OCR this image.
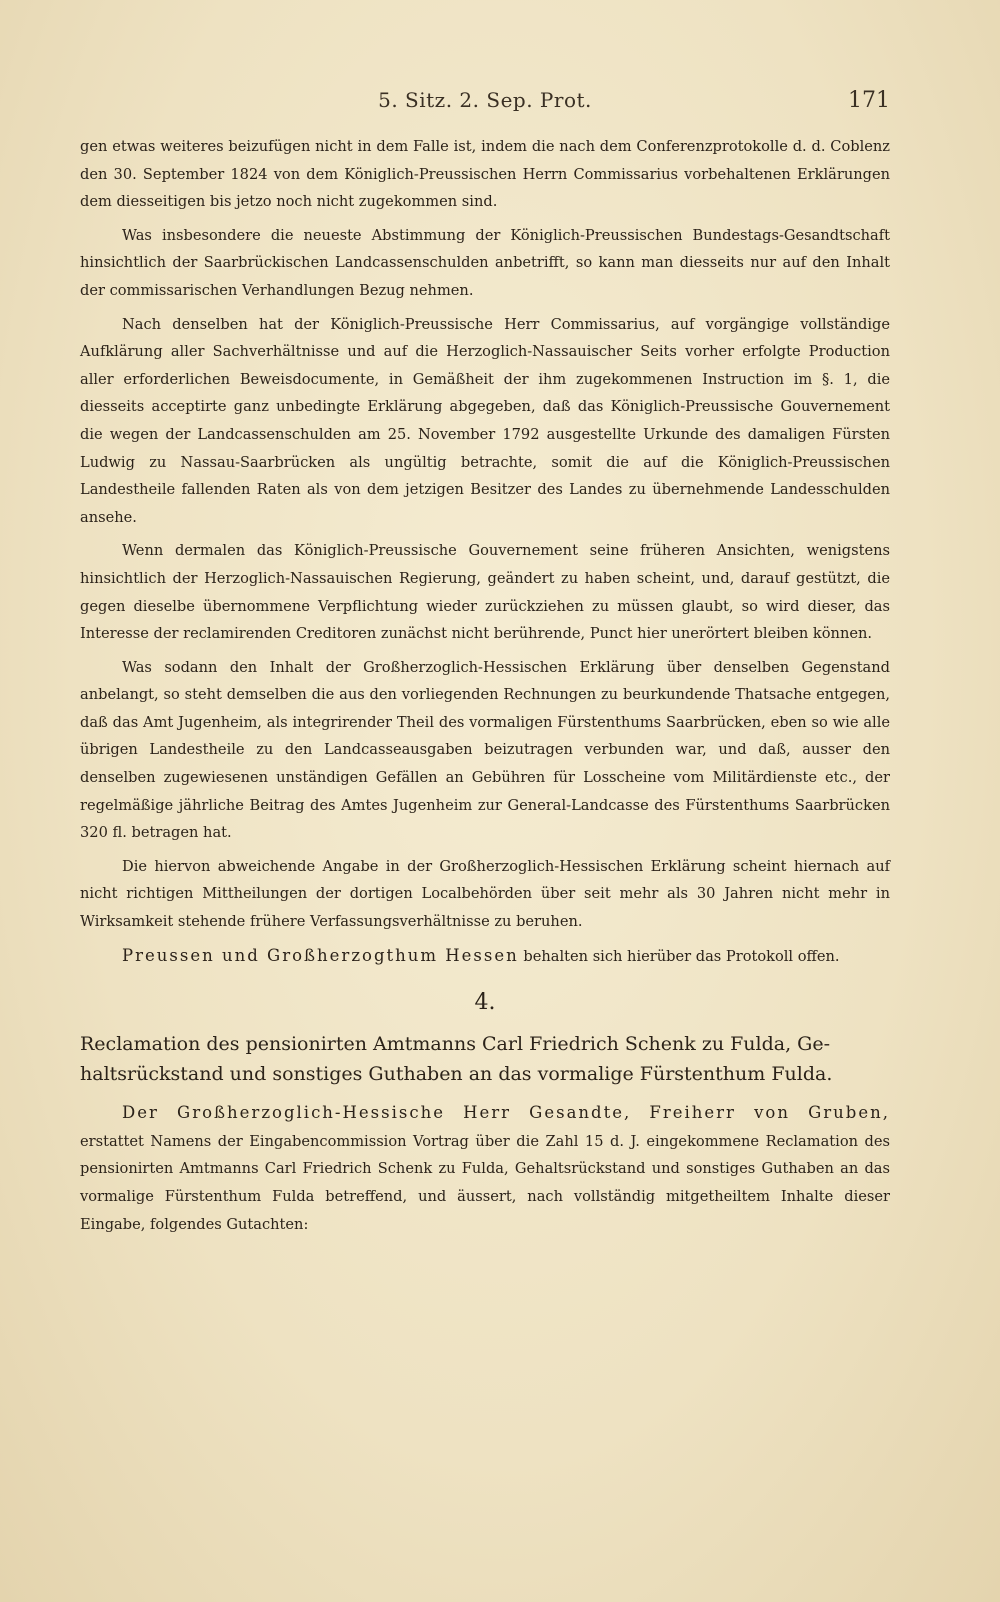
5. Sitz. 2. Sep. Prot.	171

gen etwas weiteres beizufügen nicht in dem Falle ist, indem die nach dem Conferenzprotokolle d. d. Coblenz den 30. September 1824 von dem Königlich-Preussischen Herrn Commissarius vorbehaltenen Erklärungen dem diesseitigen bis jetzo noch nicht zugekommen sind.

Was insbesondere die neueste Abstimmung der Königlich-Preussischen Bundestags-Gesandtschaft hinsichtlich der Saarbrückischen Landcassenschulden anbetrifft, so kann man diesseits nur auf den Inhalt der commissarischen Verhandlungen Bezug nehmen.

Nach denselben hat der Königlich-Preussische Herr Commissarius, auf vorgängige vollständige Aufklärung aller Sachverhältnisse und auf die Herzoglich-Nassauischer Seits vorher erfolgte Production aller erforderlichen Beweisdocumente, in Gemäßheit der ihm zugekommenen Instruction im §. 1, die diesseits acceptirte ganz unbedingte Erklärung abgegeben, daß das Königlich-Preussische Gouvernement die wegen der Landcassenschulden am 25. November 1792 ausgestellte Urkunde des damaligen Fürsten Ludwig zu Nassau-Saarbrücken als ungültig betrachte, somit die auf die Königlich-Preussischen Landestheile fallenden Raten als von dem jetzigen Besitzer des Landes zu übernehmende Landesschulden ansehe.

Wenn dermalen das Königlich-Preussische Gouvernement seine früheren Ansichten, wenigstens hinsichtlich der Herzoglich-Nassauischen Regierung, geändert zu haben scheint, und, darauf gestützt, die gegen dieselbe übernommene Verpflichtung wieder zurückziehen zu müssen glaubt, so wird dieser, das Interesse der reclamirenden Creditoren zunächst nicht berührende, Punct hier unerörtert bleiben können.

Was sodann den Inhalt der Großherzoglich-Hessischen Erklärung über denselben Gegenstand anbelangt, so steht demselben die aus den vorliegenden Rechnungen zu beurkundende Thatsache entgegen, daß das Amt Jugenheim, als integrirender Theil des vormaligen Fürstenthums Saarbrücken, eben so wie alle übrigen Landestheile zu den Landcasseausgaben beizutragen verbunden war, und daß, ausser den denselben zugewiesenen unständigen Gefällen an Gebühren für Losscheine vom Militärdienste etc., der regelmäßige jährliche Beitrag des Amtes Jugenheim zur General-Landcasse des Fürstenthums Saarbrücken 320 fl. betragen hat.

Die hiervon abweichende Angabe in der Großherzoglich-Hessischen Erklärung scheint hiernach auf nicht richtigen Mittheilungen der dortigen Localbehörden über seit mehr als 30 Jahren nicht mehr in Wirksamkeit stehende frühere Verfassungsverhältnisse zu beruhen.

Preussen und Großherzogthum Hessen behalten sich hierüber das Protokoll offen.

4.
Reclamation des pensionirten Amtmanns Carl Friedrich Schenk zu Fulda, Ge-
haltsrückstand und sonstiges Guthaben an das vormalige Fürstenthum Fulda.

Der Großherzoglich-Hessische Herr Gesandte, Freiherr von Gruben, erstattet Namens der Eingabencommission Vortrag über die Zahl 15 d. J. eingekommene Reclamation des pensionirten Amtmanns Carl Friedrich Schenk zu Fulda, Gehaltsrückstand und sonstiges Guthaben an das vormalige Fürstenthum Fulda betreffend, und äussert, nach vollständig mitgetheiltem Inhalte dieser Eingabe, folgendes Gutachten:
